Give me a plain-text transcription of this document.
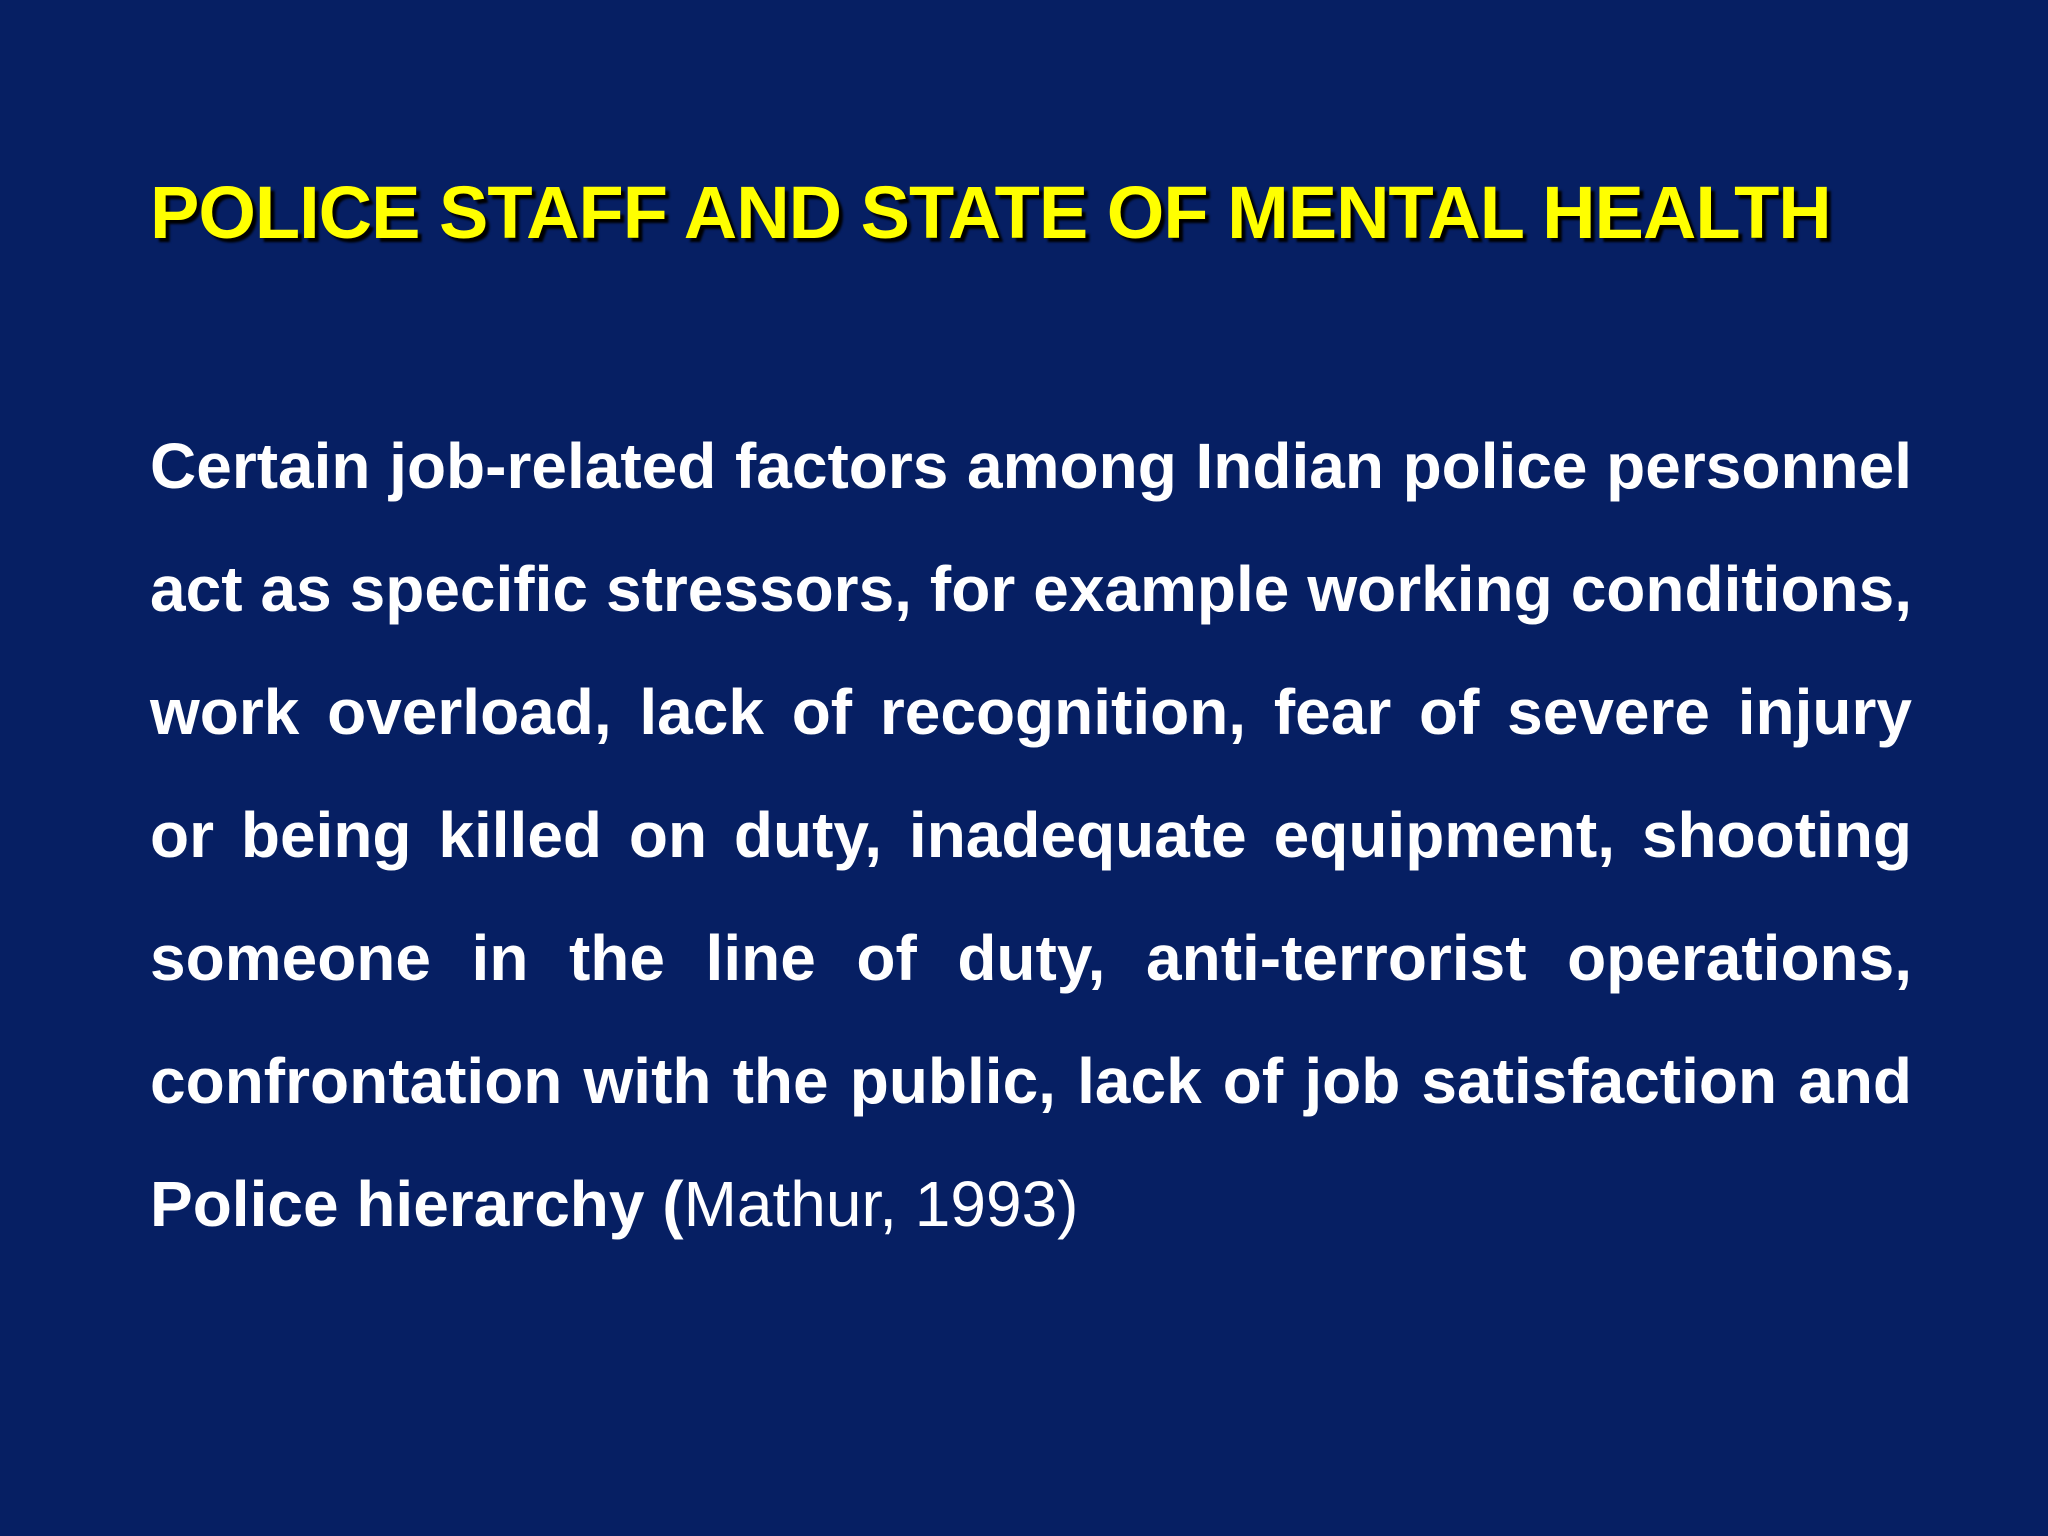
POLICE STAFF AND STATE OF MENTAL HEALTH

Certain job-related factors among Indian police personnel act as specific stressors, for example working conditions, work overload, lack of recognition, fear of severe injury or being killed on duty, inadequate equipment, shooting someone in the line of duty, anti-terrorist operations, confrontation with the public, lack of job satisfaction and Police hierarchy (Mathur, 1993)
